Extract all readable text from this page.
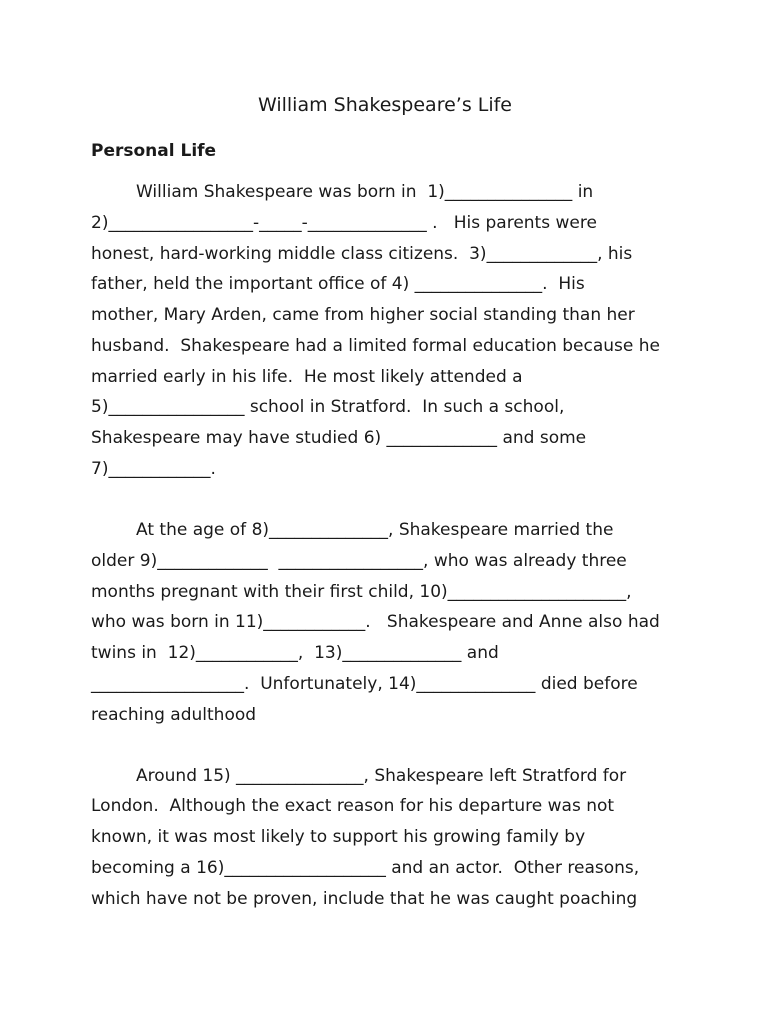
William Shakespeare’s Life
Personal Life

William Shakespeare was born in  1)_______________ in

2)_________________-_____-______________ .   His parents were

honest, hard-working middle class citizens.  3)_____________, his

father, held the important office of 4) _______________.  His

mother, Mary Arden, came from higher social standing than her

husband.  Shakespeare had a limited formal education because he

married early in his life.  He most likely attended a

5)________________ school in Stratford.  In such a school,

Shakespeare may have studied 6) _____________ and some

7)____________.

At the age of 8)______________, Shakespeare married the

older 9)_____________  _________________, who was already three

months pregnant with their first child, 10)_____________________,

who was born in 11)____________.   Shakespeare and Anne also had

twins in  12)____________,  13)______________ and

__________________.  Unfortunately, 14)______________ died before

reaching adulthood

Around 15) _______________, Shakespeare left Stratford for

London.  Although the exact reason for his departure was not

known, it was most likely to support his growing family by

becoming a 16)___________________ and an actor.  Other reasons,

which have not be proven, include that he was caught poaching
